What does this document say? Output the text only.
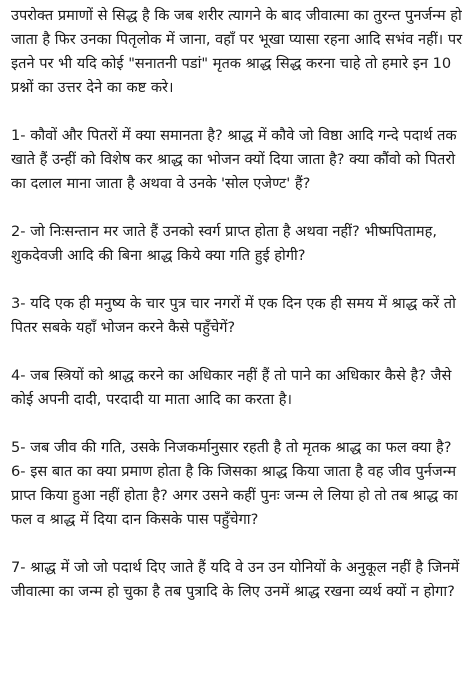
उपरोक्त प्रमाणों से सिद्ध है कि जब शरीर त्यागने के बाद जीवात्मा का तुरन्त पुनर्जन्म हो जाता है फिर उनका पितृलोक में जाना, वहाँ पर भूखा प्यासा रहना आदि सभंव नहीं। पर इतने पर भी यदि कोई "सनातनी पडां" मृतक श्राद्ध सिद्ध करना चाहे तो हमारे इन 10 प्रश्नों का उत्तर देने का कष्ट करे।

1- कौवों और पितरों में क्या समानता है? श्राद्ध में कौवे जो विष्ठा आदि गन्दे पदार्थ तक खाते हैं उन्हीं को विशेष कर श्राद्ध का भोजन क्यों दिया जाता है? क्या कौंवो को पितरो का दलाल माना जाता है अथवा वे उनके 'सोल एजेण्ट' हैं?

2- जो निःसन्तान मर जाते हैं उनको स्वर्ग प्राप्त होता है अथवा नहीं? भीष्मपितामह, शुकदेवजी आदि की बिना श्राद्ध किये क्या गति हुई होगी?

3- यदि एक ही मनुष्य के चार पुत्र चार नगरों में एक दिन एक ही समय में श्राद्ध करें तो पितर सबके यहाँ भोजन करने कैसे पहुँचेगें?

4- जब स्त्रियों को श्राद्ध करने का अधिकार नहीं हैं तो पाने का अधिकार कैसे है? जैसे कोई अपनी दादी, परदादी या माता आदि का करता है।

5- जब जीव की गति, उसके निजकर्मानुसार रहती है तो मृतक श्राद्ध का फल क्या है?

6- इस बात का क्या प्रमाण होता है कि जिसका श्राद्ध किया जाता है वह जीव पुर्नजन्म प्राप्त किया हुआ नहीं होता है? अगर उसने कहीं पुनः जन्म ले लिया हो तो तब श्राद्ध का फल व श्राद्ध में दिया दान किसके पास पहुँचेगा?

7- श्राद्ध में जो जो पदार्थ दिए जाते हैं यदि वे उन उन योनियों के अनुकूल नहीं है जिनमें जीवात्मा का जन्म हो चुका है तब पुत्रादि के लिए उनमें श्राद्ध रखना व्यर्थ क्यों न होगा?
